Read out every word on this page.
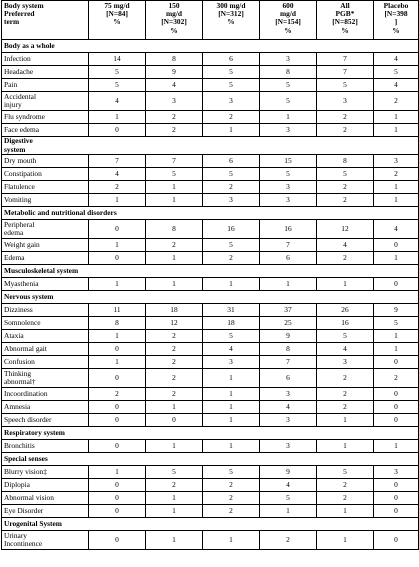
Body system
Preferred
term	75 mg/d
[N=84]
%	150
mg/d
[N=302]
%	300 mg/d
[N=312]
%	600
mg/d
[N=154]
%	All
PGB*
[N=852]
%	Placebo
[N=398
]
%
Body as a whole						
Infection	14	8	6	3	7	4
Headache	5	9	5	8	7	5
Pain	5	4	5	5	5	4
Accidental
injury	4	3	3	5	3	2
Flu syndrome	1	2	2	1	2	1
Face edema	0	2	1	3	2	1
Digestive
system						
Dry mouth	7	7	6	15	8	3
Constipation	4	5	5	5	5	2
Flatulence	2	1	2	3	2	1
Vomiting	1	1	3	3	2	1
Metabolic and nutritional disorders						
Peripheral
edema	0	8	16	16	12	4
Weight gain	1	2	5	7	4	0
Edema	0	1	2	6	2	1
Musculoskeletal system						
Myasthenia	1	1	1	1	1	0
Nervous system						
Dizziness	11	18	31	37	26	9
Somnolence	8	12	18	25	16	5
Ataxia	1	2	5	9	5	1
Abnormal gait	0	2	4	8	4	1
Confusion	1	2	3	7	3	0
Thinking
abnormal†	0	2	1	6	2	2
Incoordination	2	2	1	3	2	0
Amnesia	0	1	1	4	2	0
Speech disorder	0	0	1	3	1	0
Respiratory system						
Bronchitis	0	1	1	3	1	1
Special senses						
Blurry vision‡	1	5	5	9	5	3
Diplopia	0	2	2	4	2	0
Abnormal vision	0	1	2	5	2	0
Eye Disorder	0	1	2	1	1	0
Urogenital System						
Urinary
Incontinence	0	1	1	2	1	0
